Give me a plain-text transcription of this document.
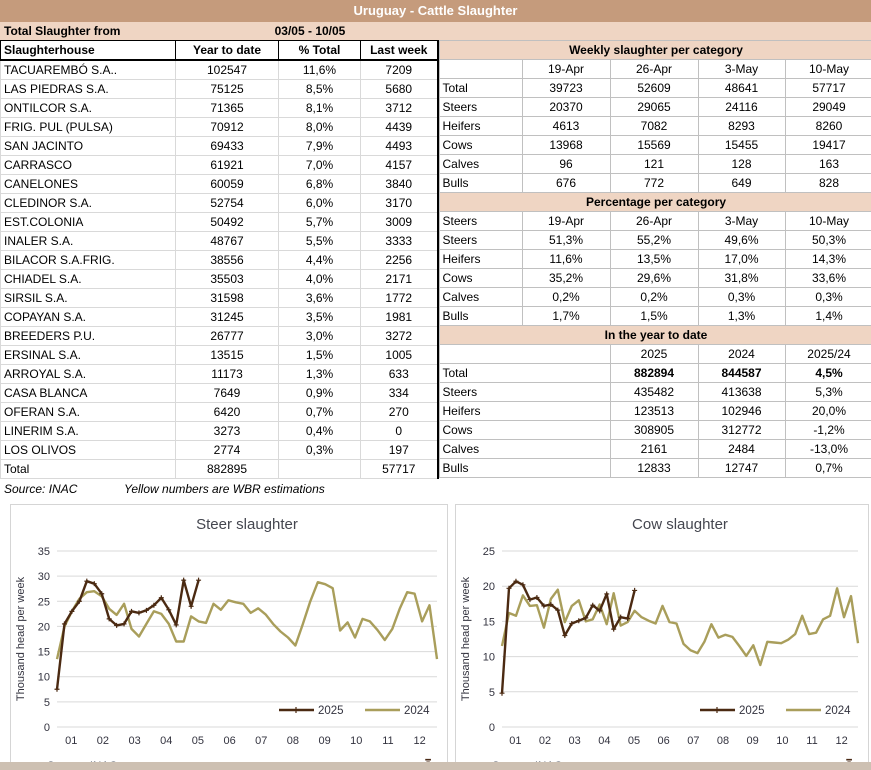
Uruguay - Cattle Slaughter
Total Slaughter from	03/05 - 10/05
Slaughterhouse	Year to date	% Total	Last week
TACUAREMBÓ S.A..	102547	11,6%	7209
LAS PIEDRAS S.A.	75125	8,5%	5680
ONTILCOR S.A.	71365	8,1%	3712
FRIG. PUL (PULSA)	70912	8,0%	4439
SAN JACINTO	69433	7,9%	4493
CARRASCO	61921	7,0%	4157
CANELONES	60059	6,8%	3840
CLEDINOR S.A.	52754	6,0%	3170
EST.COLONIA	50492	5,7%	3009
INALER S.A.	48767	5,5%	3333
BILACOR S.A.FRIG.	38556	4,4%	2256
CHIADEL S.A.	35503	4,0%	2171
SIRSIL S.A.	31598	3,6%	1772
COPAYAN S.A.	31245	3,5%	1981
BREEDERS P.U.	26777	3,0%	3272
ERSINAL S.A.	13515	1,5%	1005
ARROYAL S.A.	11173	1,3%	633
CASA BLANCA	7649	0,9%	334
OFERAN S.A.	6420	0,7%	270
LINERIM S.A.	3273	0,4%	0
LOS OLIVOS	2774	0,3%	197
Total	882895		57717
Weekly slaughter per category				
	19-Apr	26-Apr	3-May	10-May
Total	39723	52609	48641	57717
Steers	20370	29065	24116	29049
Heifers	4613	7082	8293	8260
Cows	13968	15569	15455	19417
Calves	96	121	128	163
Bulls	676	772	649	828
Percentage per category				
Steers	19-Apr	26-Apr	3-May	10-May
Steers	51,3%	55,2%	49,6%	50,3%
Heifers	11,6%	13,5%	17,0%	14,3%
Cows	35,2%	29,6%	31,8%	33,6%
Calves	0,2%	0,2%	0,3%	0,3%
Bulls	1,7%	1,5%	1,3%	1,4%
In the year to date				
		2025	2024	2025/24
Total		882894	844587	4,5%
Steers		435482	413638	5,3%
Heifers		123513	102946	20,0%
Cows		308905	312772	-1,2%
Calves		2161	2484	-13,0%
Bulls		12833	12747	0,7%
Source: INAC	Yellow numbers are WBR estimations
Steer slaughter
Thousand head per week
0
5
10
15
20
25
30
35
01 02 03 04 05 06 07 08 09 10 11 12
2025	2024
Cow slaughter
Thousand head per week
0
5
10
15
20
25
01 02 03 04 05 06 07 08 09 10 11 12
2025	2024
